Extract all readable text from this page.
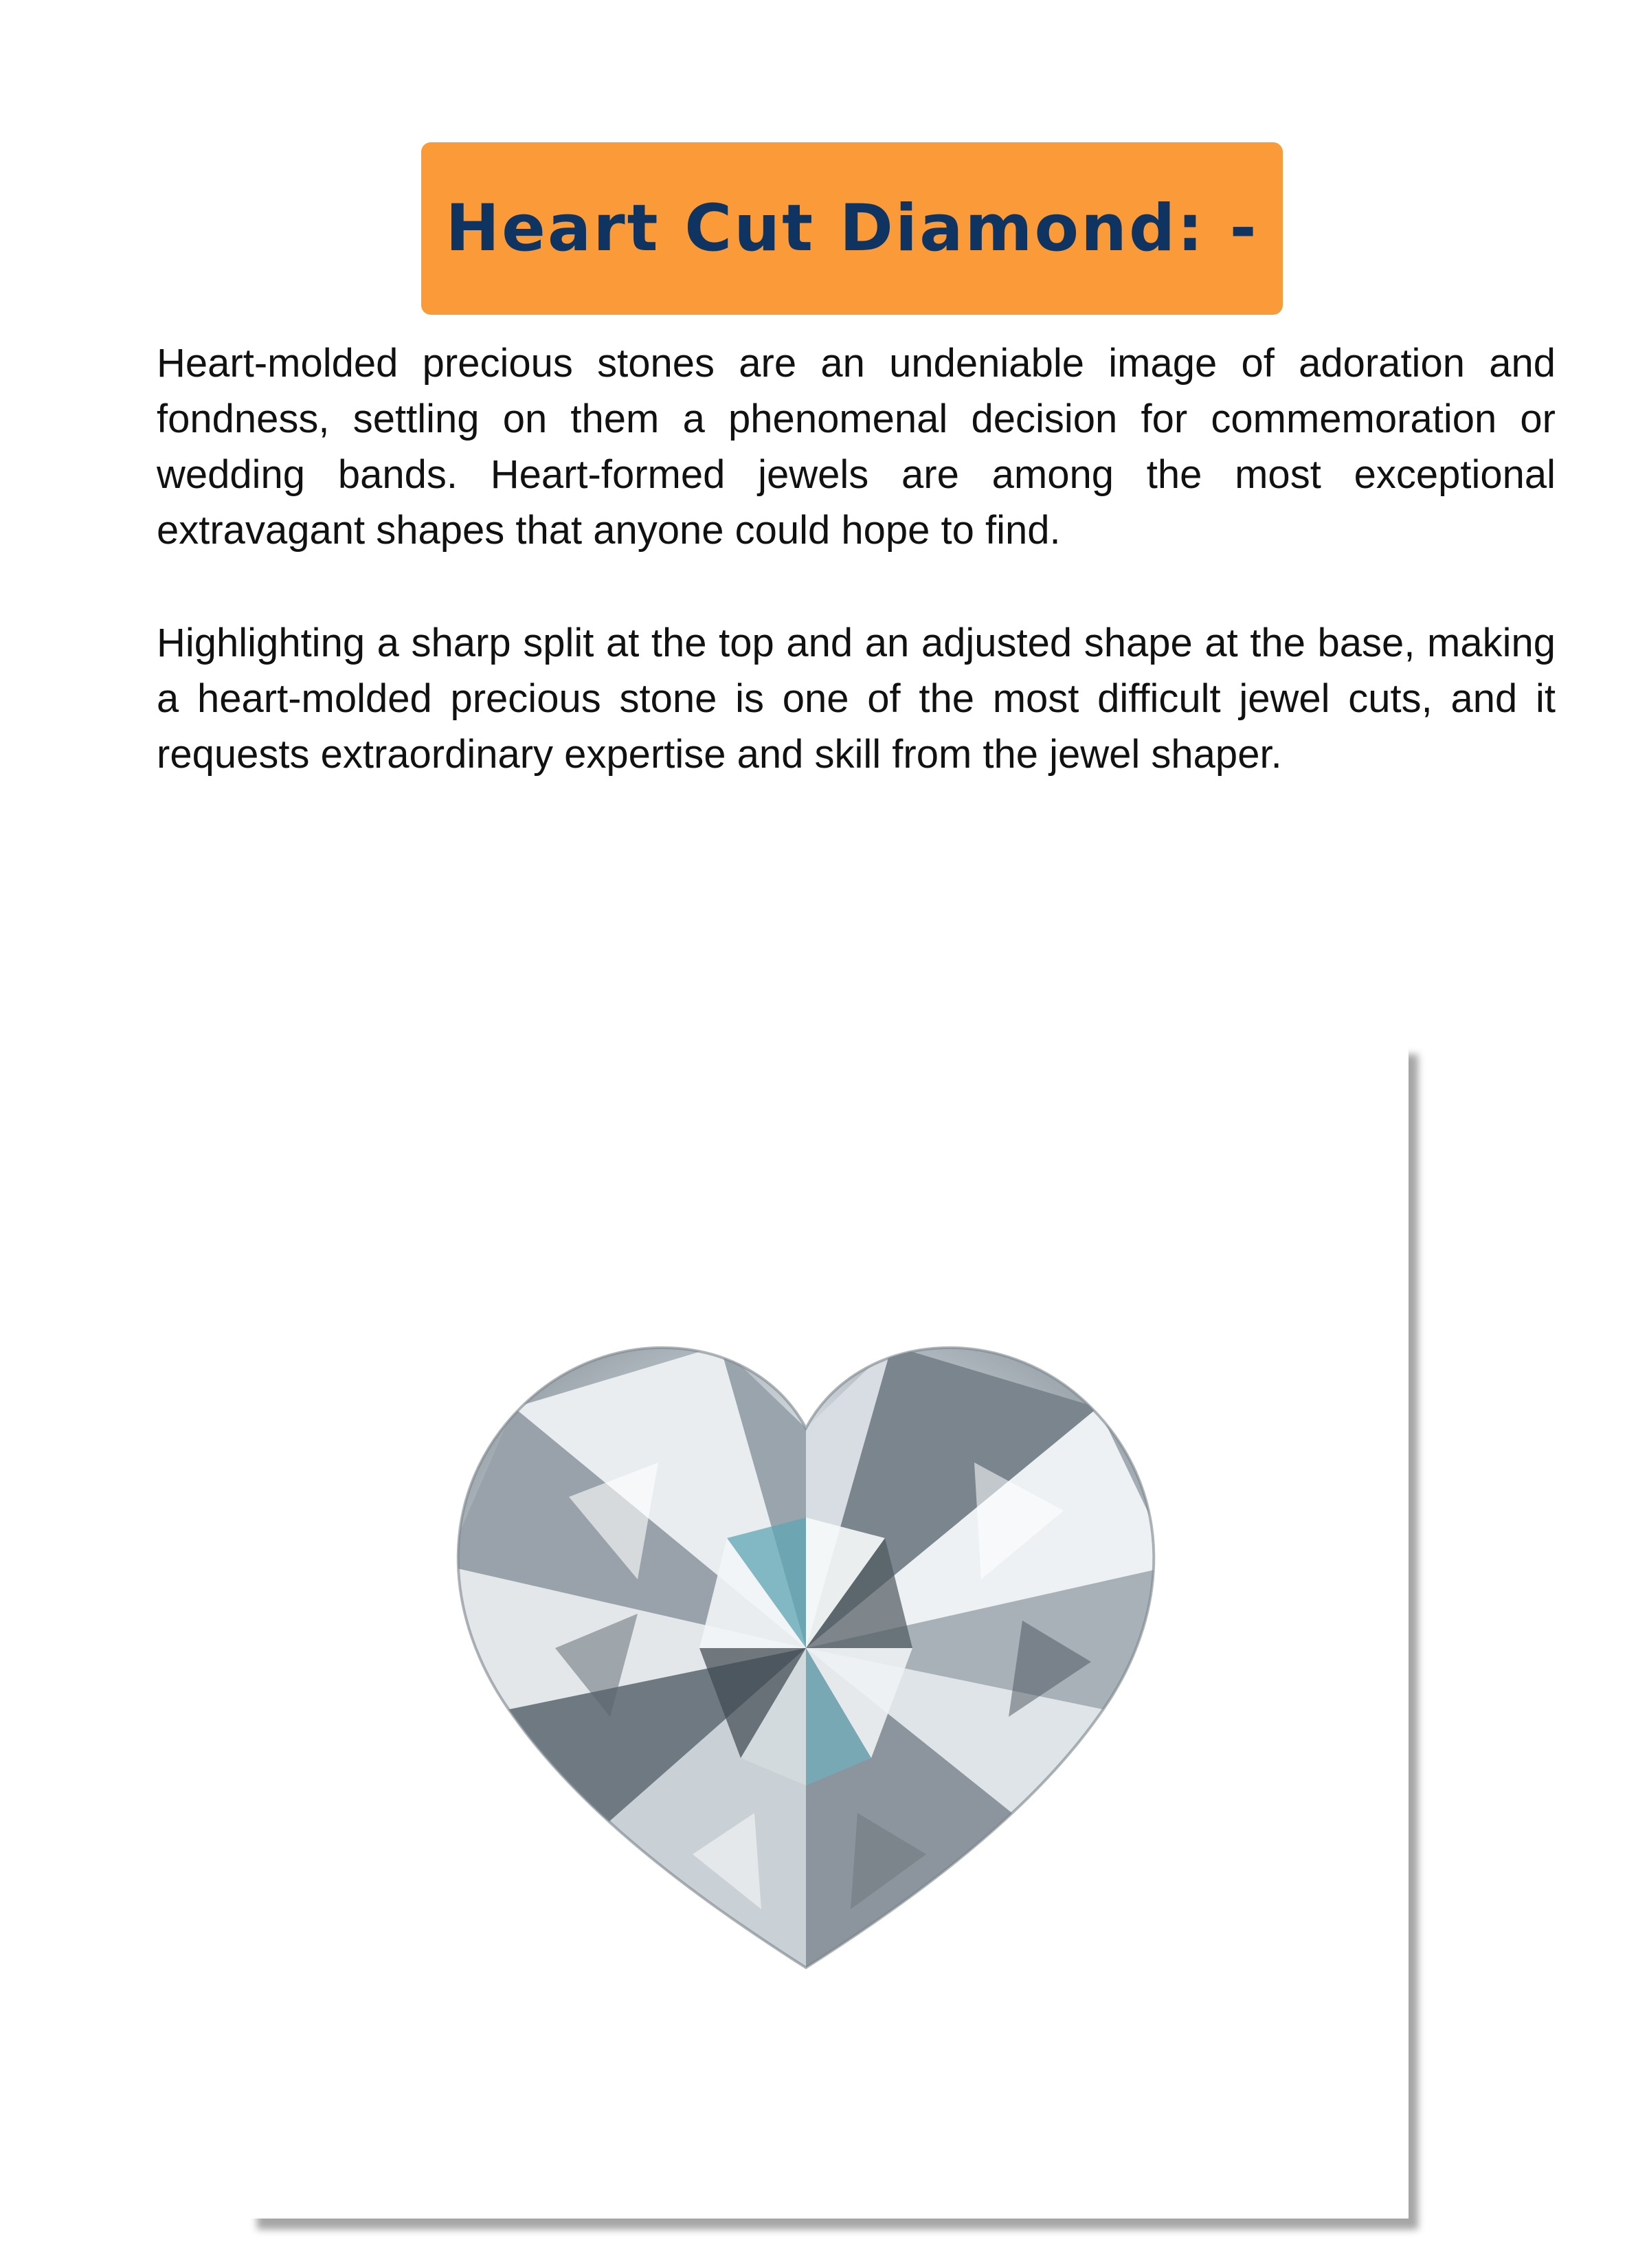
Heart Cut Diamond: -

Heart-molded precious stones are an undeniable image of adoration and fondness, settling on them a phenomenal decision for commemoration or wedding bands. Heart-formed jewels are among the most exceptional extravagant shapes that anyone could hope to find.

Highlighting a sharp split at the top and an adjusted shape at the base, making a heart-molded precious stone is one of the most difficult jewel cuts, and it requests extraordinary expertise and skill from the jewel shaper.
